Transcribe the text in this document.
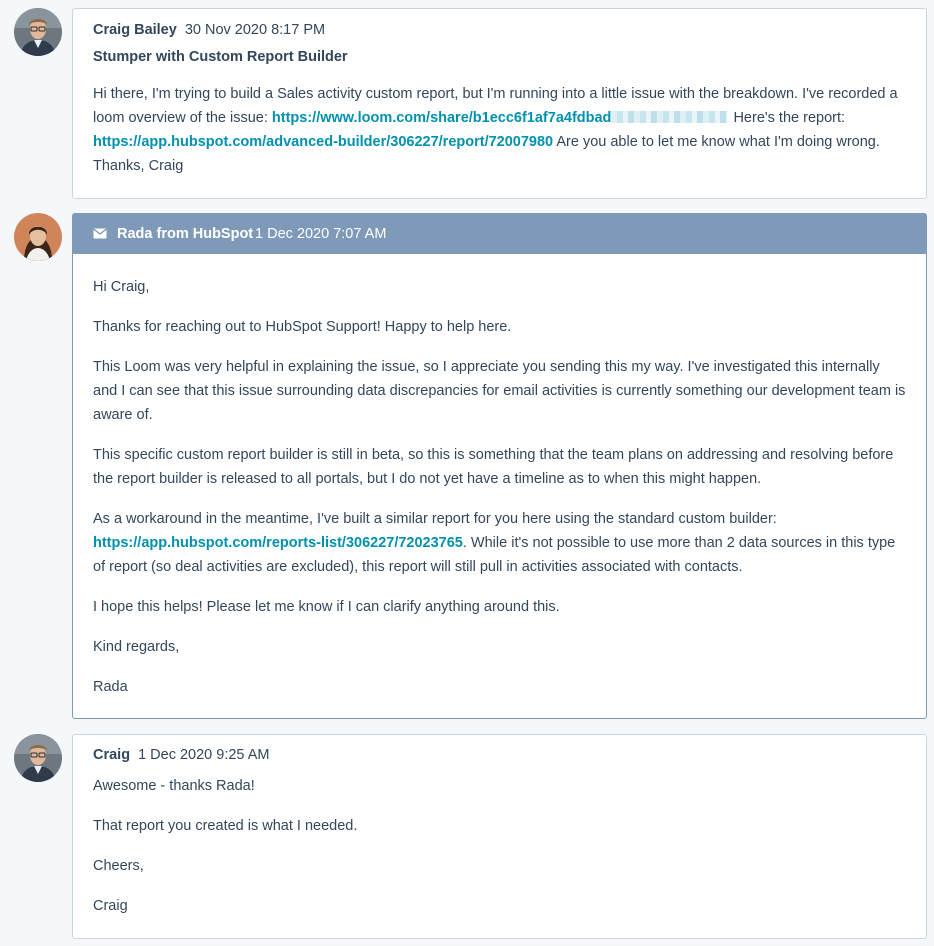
Craig Bailey 30 Nov 2020 8:17 PM
Stumper with Custom Report Builder

Hi there, I'm trying to build a Sales activity custom report, but I'm running into a little issue with the breakdown. I've recorded a loom overview of the issue: https://www.loom.com/share/b1ecc6f1af7a4fdbad	Here's the report: https://app.hubspot.com/advanced-builder/306227/report/72007980 Are you able to let me know what I'm doing wrong. Thanks, Craig

Rada from HubSpot 1 Dec 2020 7:07 AM

Hi Craig,

Thanks for reaching out to HubSpot Support! Happy to help here.

This Loom was very helpful in explaining the issue, so I appreciate you sending this my way. I've investigated this internally and I can see that this issue surrounding data discrepancies for email activities is currently something our development team is aware of.

This specific custom report builder is still in beta, so this is something that the team plans on addressing and resolving before the report builder is released to all portals, but I do not yet have a timeline as to when this might happen.

As a workaround in the meantime, I've built a similar report for you here using the standard custom builder: https://app.hubspot.com/reports-list/306227/72023765. While it's not possible to use more than 2 data sources in this type of report (so deal activities are excluded), this report will still pull in activities associated with contacts.

I hope this helps! Please let me know if I can clarify anything around this.

Kind regards,

Rada

Craig 1 Dec 2020 9:25 AM

Awesome - thanks Rada!

That report you created is what I needed.

Cheers,

Craig
